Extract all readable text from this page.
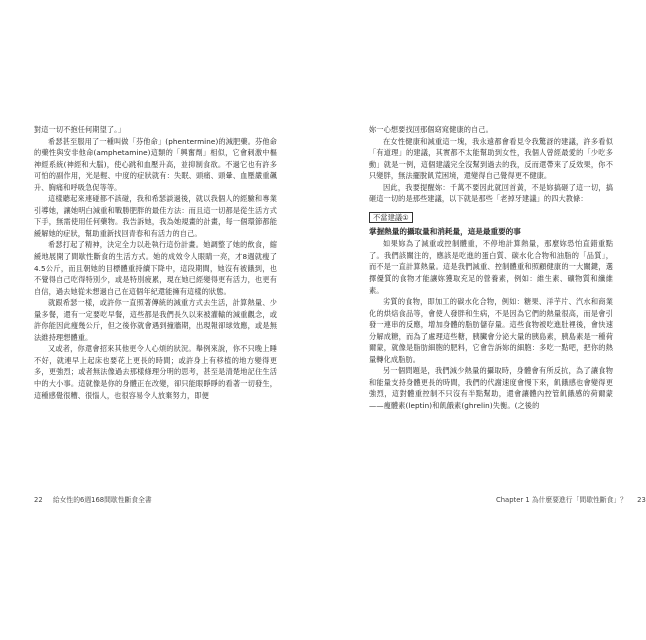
對這一切不抱任何期望了。」

希瑟甚至服用了一種叫做「芬他命」(phentermine)的減肥藥。芬他命的藥性與安非他命(amphetamine)這類的「興奮劑」相似，它會刺激中樞神經系統(神經和大腦)，使心跳和血壓升高，並抑制食欲。不過它也有許多可怕的副作用，光是輕、中度的症狀就有：失眠、頭痛、頭暈、血壓嚴重飆升、胸痛和呼吸急促等等。

這樣聽起來連碰都不該碰，我和希瑟談過後，就以我個人的經驗和專業引導她，讓她明白減重和戰勝肥胖的最佳方法：而且這一切都是從生活方式下手，無需使用任何藥物。我告訴她，我為她規畫的計畫，每一個環節都能緩解她的症狀，幫助重新找回青春和有活力的自己。

希瑟打起了精神，決定全力以赴執行這份計畫。她調整了她的飲食，縮緩地展開了間歇性斷食的生活方式。她的成效令人眼睛一亮，才8週就瘦了4.5公斤，而且朝她的目標體重持續下降中，這段期間，她沒有被餓到，也不覺得自己吃得特別少，或是特別疲累，現在她已經變得更有活力，也更有自信，過去她從未想過自己在這個年紀還能擁有這樣的狀態。

就跟希瑟一樣，或許你一直照著傳統的減重方式去生活，計算熱量、少量多餐，還有一定要吃早餐，這些都是我們長久以來被灌輸的減重觀念，或許你能因此瘦幾公斤，但之後你就會遇到撞牆期，出現報卻球效應，或是無法維持理想體重。

又或者，你還會招來其他更令人心煩的狀況。舉例來說，你不只晚上睡不好，就連早上起床也要花上更長的時間；或許身上有移植的地方變得更多，更強烈；或者無法像過去那樣條理分明的思考，甚至是清楚地記住生活中的大小事。這就像是你的身體正在改變，卻只能眼睜睜的看著一切發生，這種感覺很糟、很惱人，也很容易令人放棄努力，即便

妳一心想要找回那個窈窕健康的自己。

在女性健康和減重這一塊，我永遠都會看見令我驚訝的建議，許多看似「有道理」的建議，其實都不太能幫助到女性，我個人曾經最愛的「少吃多動」就是一例，這個建議完全沒幫到過去的我，反而還帶來了反效果，你不只變胖，無法擺脫飢荒困境，還變得自己覺得更不健康。

因此，我要提醒妳：千萬不要因此就回首黃，不是妳搞砸了這一切，搞砸這一切的是那些建議，以下就是那些「老掉牙建議」的四大教條：

不當建議①

掌握熱量的攝取量和消耗量，這是最重要的事

如果妳為了減重或控制體重，不停地計算熱量，那麼妳恐怕直錯重點了。我們該關注的，應該是吃進的蛋白質、碳水化合物和油脂的「品質」，而不是一直計算熱量。這是我們減重、控制體重和照顧健康的一大關鍵，選擇優質的食物才能讓妳獲取充足的營養素，例如：維生素、礦物質和纖維素。

劣質的食物，即加工的碳水化合物，例如：糖果、洋芋片、汽水和商業化的烘焙食品等，會使人發胖和生病，不是因為它們的熱量很高，而是會引發一連串的反應，增加身體的脂肪儲存量。這些食物被吃進肚裡後，會快速分解成糖，而為了處理這些糖，胰臟會分泌大量的胰島素，胰島素是一種荷爾蒙，就像是脂肪細胞的肥料，它會告訴妳的細胞：多吃一點吧，把你的熱量轉化成脂肪。

另一個問題是，我們減少熱量的攝取時，身體會有所反抗，為了讓食物和能量支持身體更長的時間，我們的代謝速度會慢下來，飢餓感也會變得更強烈，這對體重控制不只沒有半點幫助，還會讓體內控管飢餓感的荷爾蒙——瘦體素(leptin)和飢餓素(ghrelin)失衡。(之後的

22 給女性的6週168間歇性斷食全書	Chapter 1 為什麼要進行「間歇性斷食」？ 23
